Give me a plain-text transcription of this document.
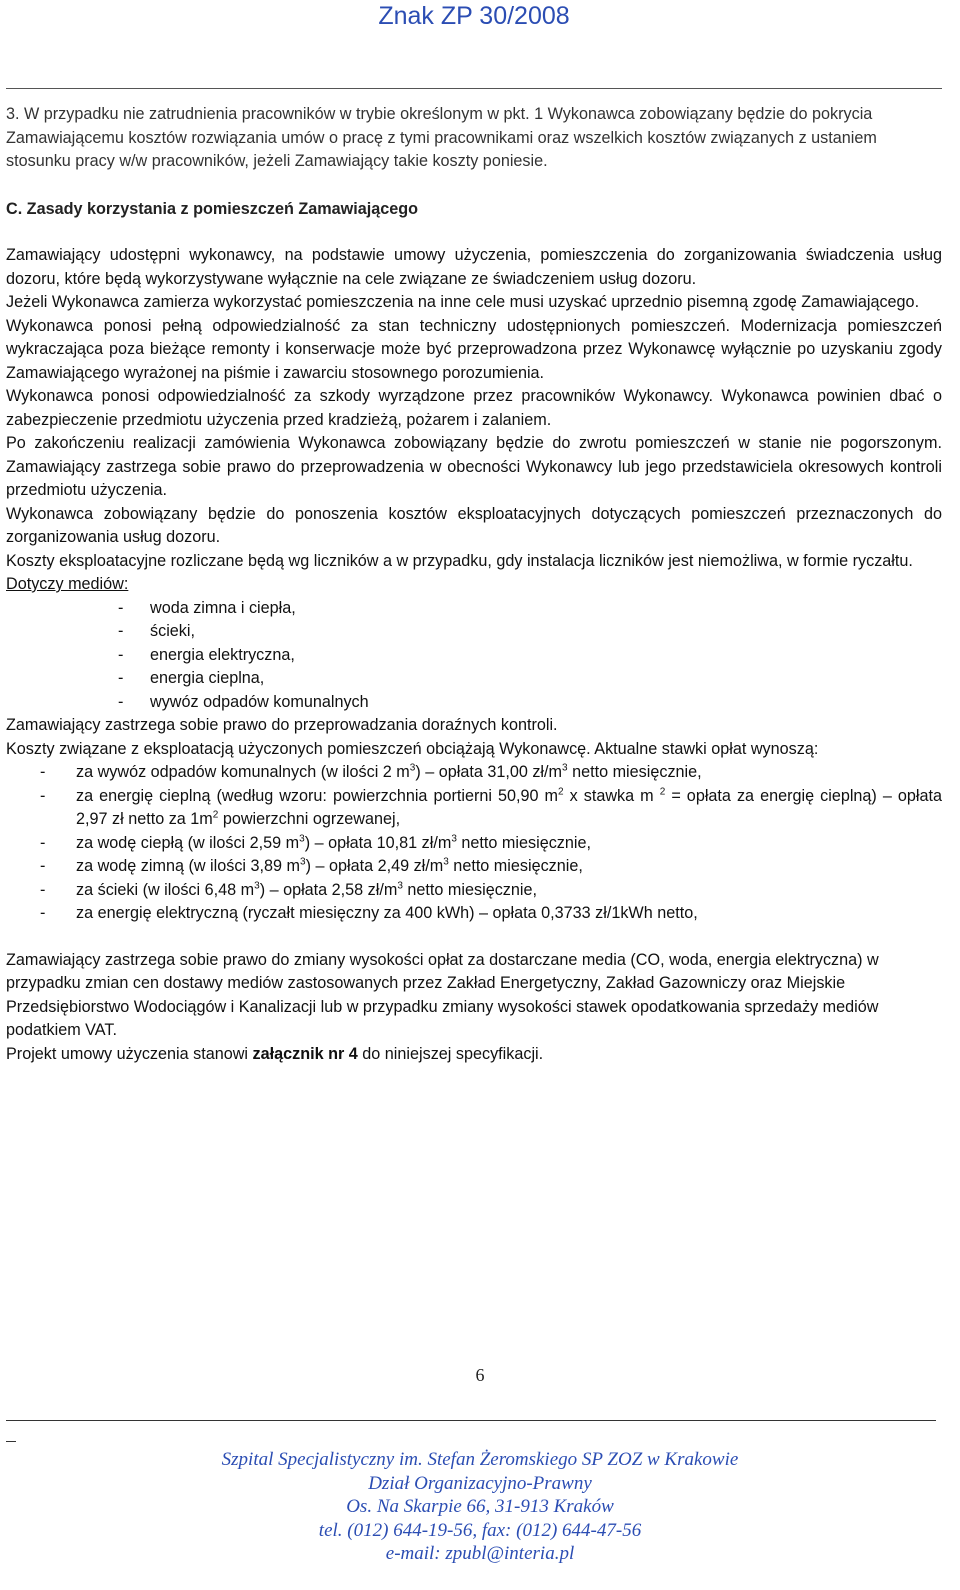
Znak ZP 30/2008

3. W przypadku nie zatrudnienia pracowników w trybie określonym w pkt. 1 Wykonawca zobowiązany będzie do pokrycia Zamawiającemu kosztów rozwiązania umów o pracę z tymi pracownikami oraz wszelkich kosztów związanych z ustaniem stosunku pracy w/w pracowników, jeżeli Zamawiający takie koszty poniesie.

C. Zasady korzystania z pomieszczeń Zamawiającego

Zamawiający udostępni wykonawcy, na podstawie umowy użyczenia, pomieszczenia do zorganizowania świadczenia usług dozoru, które będą wykorzystywane wyłącznie na cele związane ze świadczeniem usług dozoru.

Jeżeli Wykonawca zamierza wykorzystać pomieszczenia na inne cele musi uzyskać uprzednio pisemną zgodę Zamawiającego.

Wykonawca ponosi pełną odpowiedzialność za stan techniczny udostępnionych pomieszczeń. Modernizacja pomieszczeń wykraczająca poza bieżące remonty i konserwacje może być przeprowadzona przez Wykonawcę wyłącznie po uzyskaniu zgody Zamawiającego wyrażonej na piśmie i zawarciu stosownego porozumienia.

Wykonawca ponosi odpowiedzialność za szkody wyrządzone przez pracowników Wykonawcy. Wykonawca powinien dbać o zabezpieczenie przedmiotu użyczenia przed kradzieżą, pożarem i zalaniem.

Po zakończeniu realizacji zamówienia Wykonawca zobowiązany będzie do zwrotu pomieszczeń w stanie nie pogorszonym. Zamawiający zastrzega sobie prawo do przeprowadzenia w obecności Wykonawcy lub jego przedstawiciela okresowych kontroli przedmiotu użyczenia.

Wykonawca zobowiązany będzie do ponoszenia kosztów eksploatacyjnych dotyczących pomieszczeń przeznaczonych do zorganizowania usług dozoru.

Koszty eksploatacyjne rozliczane będą wg liczników a w przypadku, gdy instalacja liczników jest niemożliwa, w formie ryczałtu.

Dotyczy mediów:

- woda zimna i ciepła,
- ścieki,
- energia elektryczna,
- energia cieplna,
- wywóz odpadów komunalnych

Zamawiający zastrzega sobie prawo do przeprowadzania doraźnych kontroli.

Koszty związane z eksploatacją użyczonych pomieszczeń obciążają Wykonawcę. Aktualne stawki opłat wynoszą:

- za wywóz odpadów komunalnych (w ilości 2 $m^3$) – opłata 31,00 $zł/m^3$ netto miesięcznie,
- za energię cieplną (według wzoru: powierzchnia portierni 50,90 $m^2$ x stawka m $^2$ = opłata za energię cieplną) – opłata 2,97 zł netto za $1m^2$ powierzchni ogrzewanej,
- za wodę ciepłą (w ilości 2,59 $m^3$) – opłata 10,81 $zł/m^3$ netto miesięcznie,
- za wodę zimną (w ilości 3,89 $m^3$) – opłata 2,49 $zł/m^3$ netto miesięcznie,
- za ścieki (w ilości 6,48 $m^3$) – opłata 2,58 $zł/m^3$ netto miesięcznie,
- za energię elektryczną (ryczałt miesięczny za 400 kWh) – opłata 0,3733 zł/1kWh netto,

Zamawiający zastrzega sobie prawo do zmiany wysokości opłat za dostarczane media (CO, woda, energia elektryczna) w przypadku zmian cen dostawy mediów zastosowanych przez Zakład Energetyczny, Zakład Gazowniczy oraz Miejskie Przedsiębiorstwo Wodociągów i Kanalizacji lub w przypadku zmiany wysokości stawek opodatkowania sprzedaży mediów podatkiem VAT.

Projekt umowy użyczenia stanowi załącznik nr 4 do niniejszej specyfikacji.

6
Szpital Specjalistyczny im. Stefan Żeromskiego SP ZOZ w Krakowie
Dział Organizacyjno-Prawny
Os. Na Skarpie 66, 31-913 Kraków
tel. (012) 644-19-56, fax: (012) 644-47-56
e-mail: zpubl@interia.pl
